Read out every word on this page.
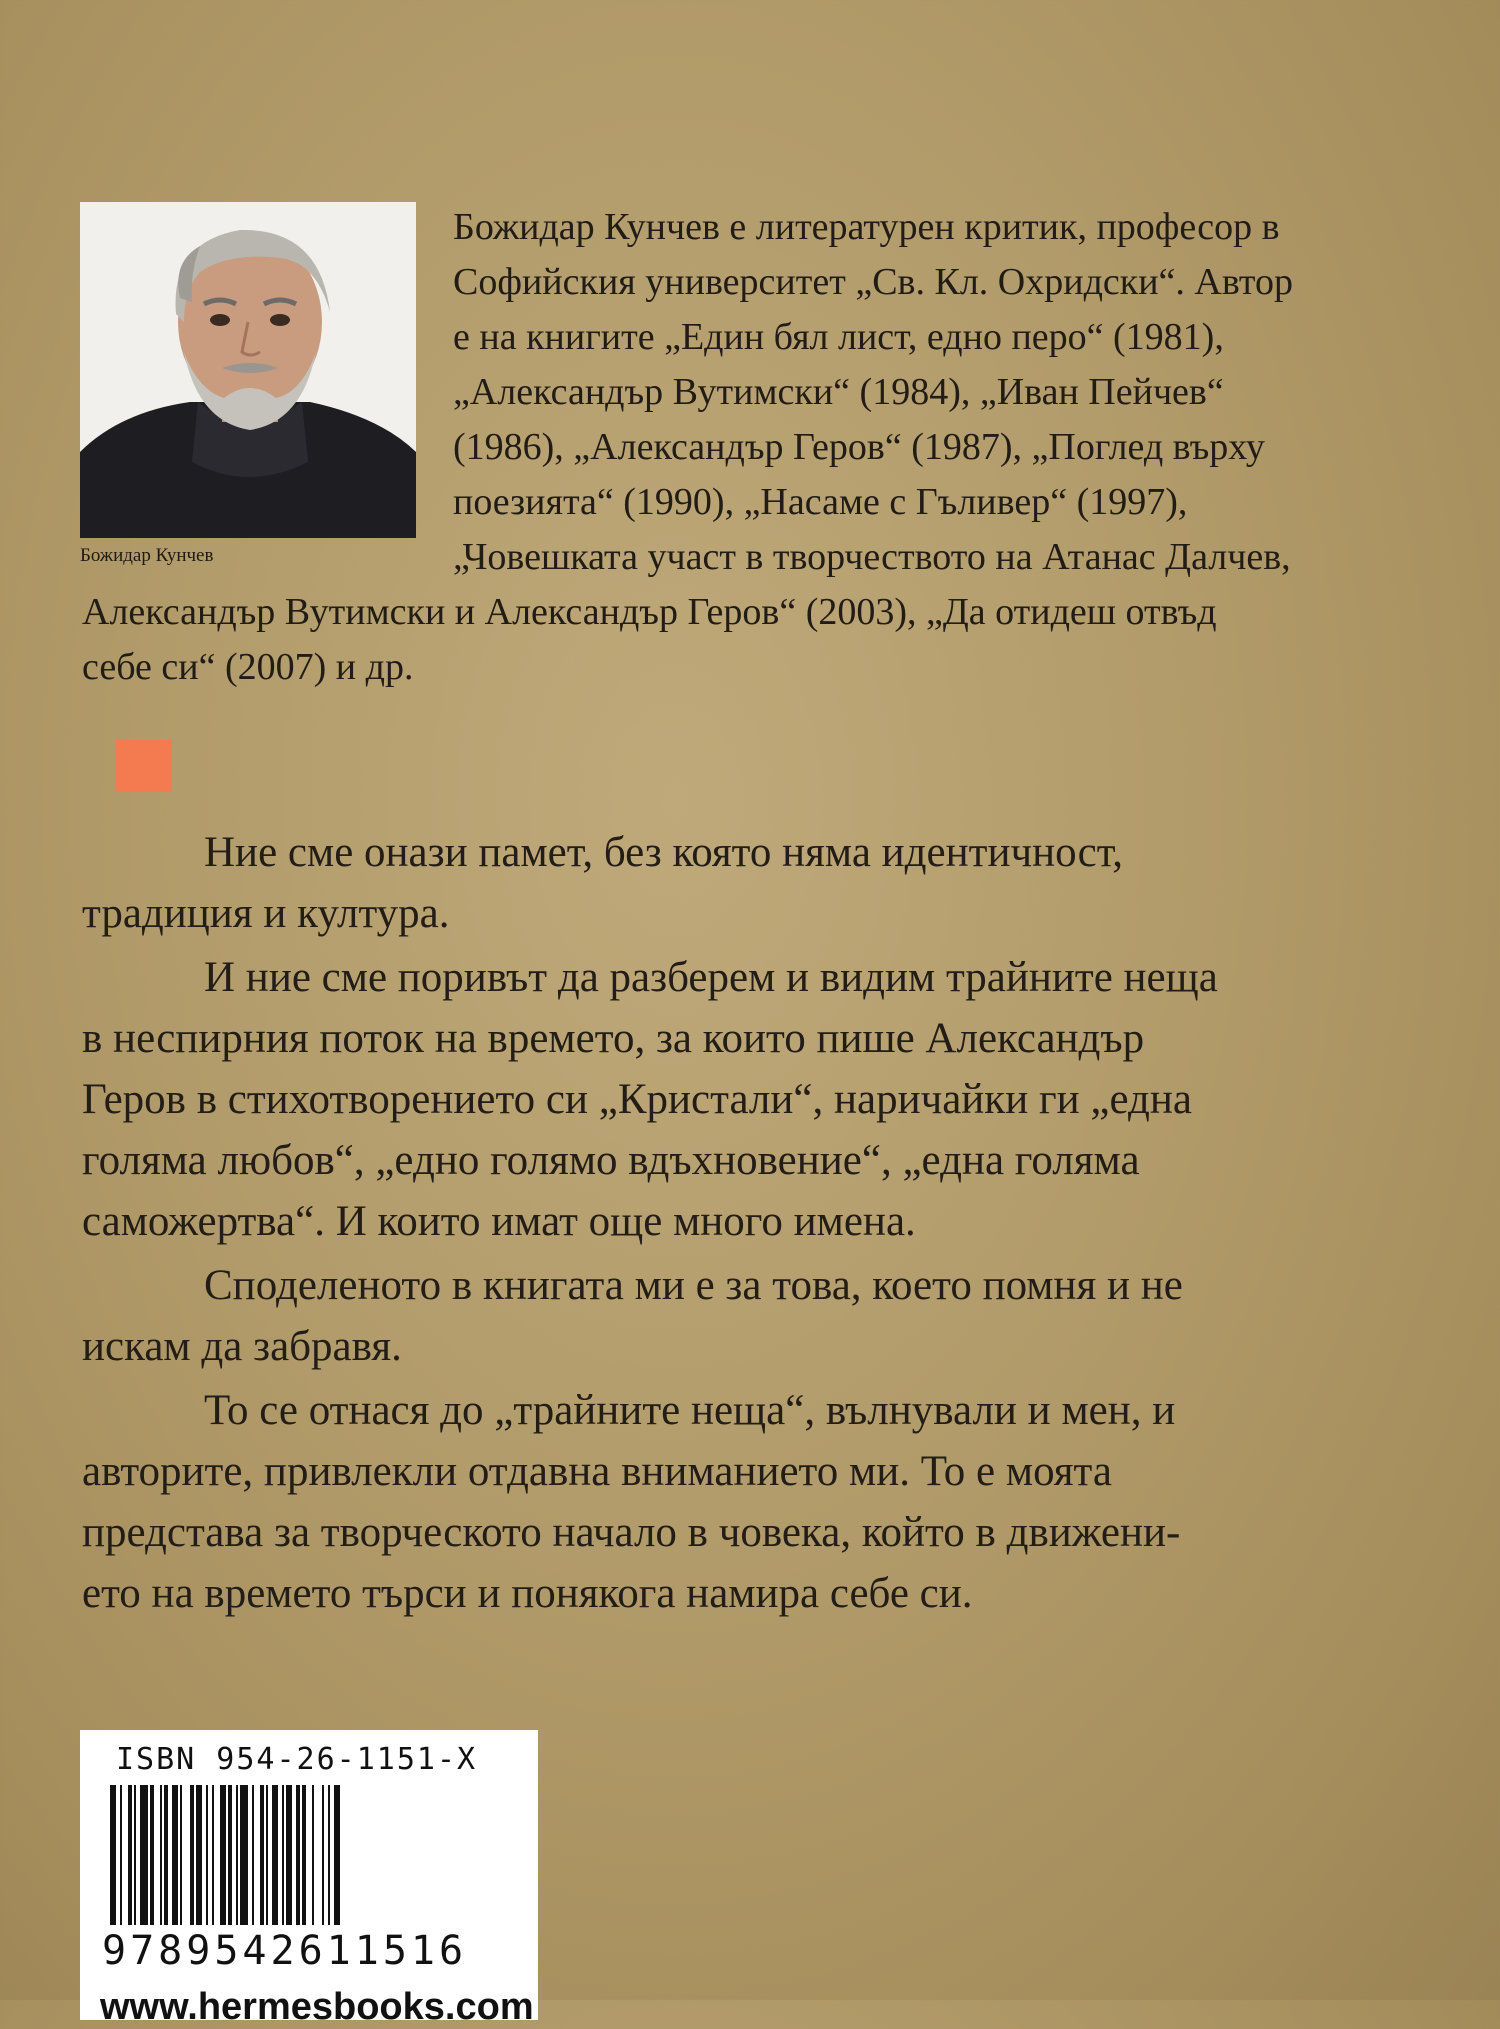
Божидар Кунчев
Божидар Кунчев е литературен критик, професор в
Софийския университет „Св. Кл. Охридски“. Автор
е на книгите „Един бял лист, едно перо“ (1981),
„Александър Вутимски“ (1984), „Иван Пейчев“
(1986), „Александър Геров“ (1987), „Поглед върху
поезията“ (1990), „Насаме с Гъливер“ (1997),
„Човешката участ в творчеството на Атанас Далчев,
Александър Вутимски и Александър Геров“ (2003), „Да отидеш отвъд
себе си“ (2007) и др.

Ние сме онази памет, без която няма идентичност,
традиция и култура.

И ние сме поривът да разберем и видим трайните неща
в неспирния поток на времето, за които пише Александър
Геров в стихотворението си „Кристали“, наричайки ги „една
голяма любов“, „едно голямо вдъхновение“, „една голяма
саможертва“. И които имат още много имена.

Споделеното в книгата ми е за това, което помня и не
искам да забравя.

То се отнася до „трайните неща“, вълнували и мен, и
авторите, привлекли отдавна вниманието ми. То е моята
представа за творческото начало в човека, който в движени-
ето на времето търси и понякога намира себе си.

ISBN 954-26-1151-X
9789542611516
www.hermesbooks.com
